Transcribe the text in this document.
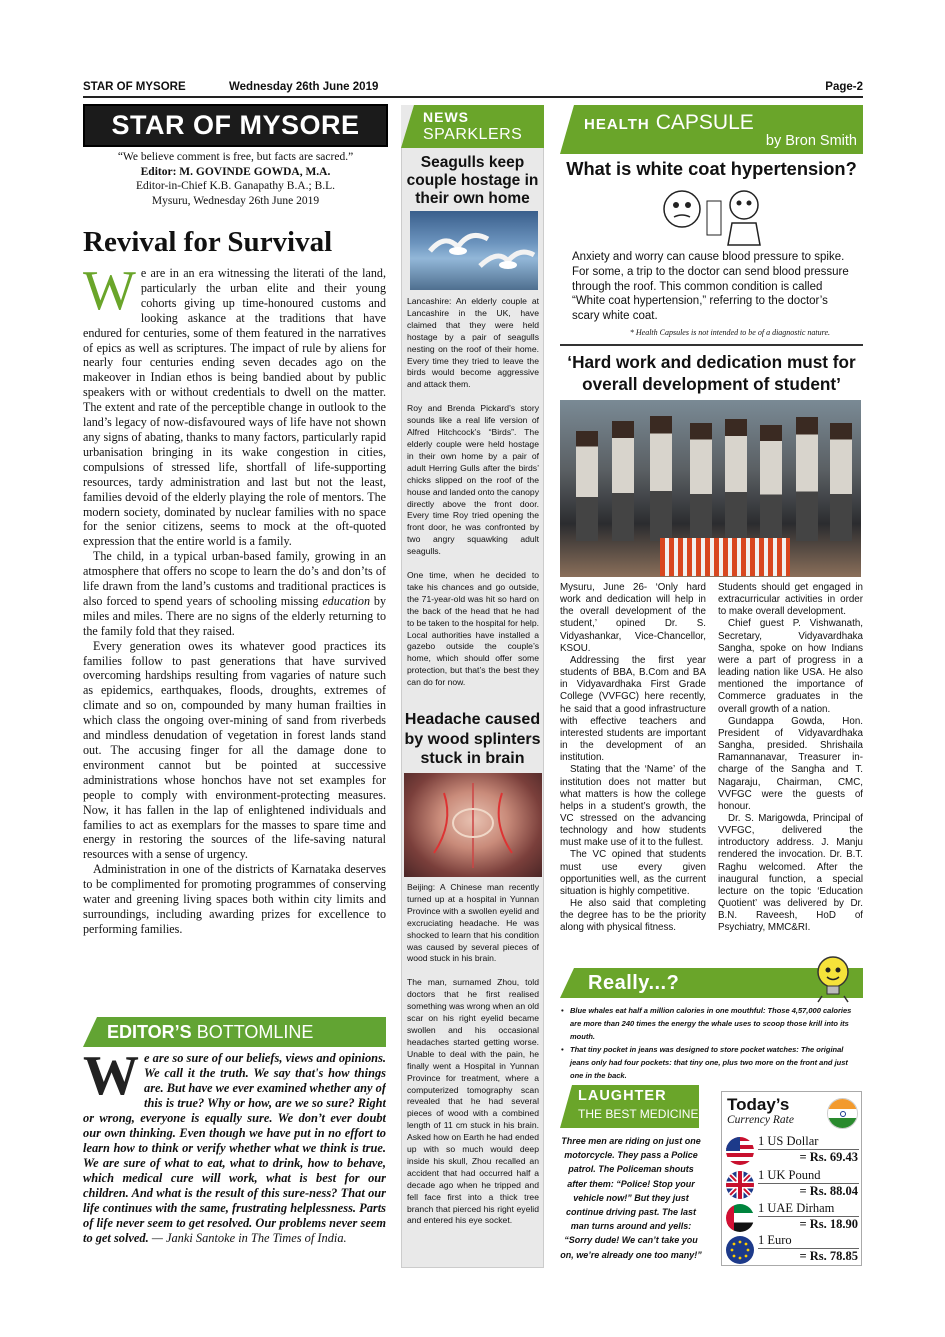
STAR OF MYSORE	Wednesday 26th June 2019	Page-2
STAR OF MYSORE
“We believe comment is free, but facts are sacred.”
Editor: M. GOVINDE GOWDA, M.A.
Editor-in-Chief K.B. Ganapathy B.A.; B.L.
Mysuru, Wednesday 26th June 2019
Revival for Survival

We are in an era witnessing the literati of the land, particularly the urban elite and their young cohorts giving up time-honoured customs and looking askance at the traditions that have endured for centuries, some of them featured in the narratives of epics as well as scriptures. The impact of rule by aliens for nearly four centuries ending seven decades ago on the makeover in Indian ethos is being bandied about by public speakers with or without credentials to dwell on the matter. The extent and rate of the perceptible change in outlook to the land’s legacy of now-disfavoured ways of life have not shown any signs of abating, thanks to many factors, particularly rapid urbanisation bringing in its wake congestion in cities, compulsions of stressed life, shortfall of life-supporting resources, tardy administration and last but not the least, families devoid of the elderly playing the role of mentors. The modern society, dominated by nuclear families with no space for the senior citizens, seems to mock at the oft-quoted expression that the entire world is a family.

The child, in a typical urban-based family, growing in an atmosphere that offers no scope to learn the do’s and don’ts of life drawn from the land’s customs and traditional practices is also forced to spend years of schooling missing education by miles and miles. There are no signs of the elderly returning to the family fold that they raised.

Every generation owes its whatever good practices its families follow to past generations that have survived overcoming hardships resulting from vagaries of nature such as epidemics, earthquakes, floods, droughts, extremes of climate and so on, compounded by many human frailties in which class the ongoing over-mining of sand from riverbeds and mindless denudation of vegetation in forest lands stand out. The accusing finger for all the damage done to environment cannot but be pointed at successive administrations whose honchos have not set examples for people to comply with environment-protecting measures. Now, it has fallen in the lap of enlightened individuals and families to act as exemplars for the masses to spare time and energy in restoring the sources of the life-saving natural resources with a sense of urgency.

Administration in one of the districts of Karnataka deserves to be complimented for promoting programmes of conserving water and greening living spaces both within city limits and surroundings, including awarding prizes for excellence to performing families.

EDITOR’S BOTTOMLINE
We are so sure of our beliefs, views and opinions. We call it the truth. We say that's how things are. But have we ever examined whether any of this is true? Why or how, are we so sure? Right or wrong, everyone is equally sure. We don’t ever doubt our own thinking. Even though we have put in no effort to learn how to think or verify whether what we think is true. We are sure of what to eat, what to drink, how to behave, which medical cure will work, what is best for our children. And what is the result of this sure-ness? That our life continues with the same, frustrating helplessness. Parts of life never seem to get resolved. Our problems never seem to get solved. — Janki Santoke in The Times of India.
NEWS
SPARKLERS
Seagulls keep couple hostage in their own home

Lancashire: An elderly couple at Lancashire in the UK, have claimed that they were held hostage by a pair of seagulls nesting on the roof of their home. Every time they tried to leave the birds would become aggressive and attack them.

Roy and Brenda Pickard’s story sounds like a real life version of Alfred Hitchcock’s “Birds”. The elderly couple were held hostage in their own home by a pair of adult Herring Gulls after the birds’ chicks slipped on the roof of the house and landed onto the canopy directly above the front door. Every time Roy tried opening the front door, he was confronted by two angry squawking adult seagulls.

One time, when he decided to take his chances and go outside, the 71-year-old was hit so hard on the back of the head that he had to be taken to the hospital for help. Local authorities have installed a gazebo outside the couple’s home, which should offer some protection, but that’s the best they can do for now.

Headache caused by wood splinters stuck in brain

Beijing: A Chinese man recently turned up at a hospital in Yunnan Province with a swollen eyelid and excruciating headache. He was shocked to learn that his condition was caused by several pieces of wood stuck in his brain.

The man, surnamed Zhou, told doctors that he first realised something was wrong when an old scar on his right eyelid became swollen and his occasional headaches started getting worse. Unable to deal with the pain, he finally went a Hospital in Yunnan Province for treatment, where a computerized tomography scan revealed that he had several pieces of wood with a combined length of 11 cm stuck in his brain. Asked how on Earth he had ended up with so much would deep inside his skull, Zhou recalled an accident that had occurred half a decade ago when he tripped and fell face first into a thick tree branch that pierced his right eyelid and entered his eye socket.

HEALTH CAPSULE
by Bron Smith
What is white coat hypertension?
Anxiety and worry can cause blood pressure to spike. For some, a trip to the doctor can send blood pressure through the roof. This common condition is called “White coat hypertension,” referring to the doctor’s scary white coat.
* Health Capsules is not intended to be of a diagnostic nature.
‘Hard work and dedication must for overall development of student’

Mysuru, June 26- ‘Only hard work and dedication will help in the overall development of the student,’ opined Dr. S. Vidyashankar, Vice-Chancellor, KSOU.

Addressing the first year students of BBA, B.Com and BA in Vidyavardhaka First Grade College (VVFGC) here recently, he said that a good infrastructure with effective teachers and interested students are important in the development of an institution.

Stating that the ‘Name’ of the institution does not matter but what matters is how the college helps in a student’s growth, the VC stressed on the advancing technology and how students must make use of it to the fullest.

The VC opined that students must use every given opportunities well, as the current situation is highly competitive.

He also said that completing the degree has to be the priority along with physical fitness.

Students should get engaged in extracurricular activities in order to make overall development.

Chief guest P. Vishwanath, Secretary, Vidyavardhaka Sangha, spoke on how Indians were a part of progress in a leading nation like USA. He also mentioned the importance of Commerce graduates in the overall growth of a nation.

Gundappa Gowda, Hon. President of Vidyavardhaka Sangha, presided. Shrishaila Ramannanavar, Treasurer in-charge of the Sangha and T. Nagaraju, Chairman, CMC, VVFGC were the guests of honour.

Dr. S. Marigowda, Principal of VVFGC, delivered the introductory address. J. Manju rendered the invocation. Dr. B.T. Raghu welcomed. After the inaugural function, a special lecture on the topic ‘Education Quotient’ was delivered by Dr. B.N. Raveesh, HoD of Psychiatry, MMC&RI.

Really...?
• Blue whales eat half a million calories in one mouthful: Those 4,57,000 calories are more than 240 times the energy the whale uses to scoop those krill into its mouth.
• That tiny pocket in jeans was designed to store pocket watches: The original jeans only had four pockets: that tiny one, plus two more on the front and just one in the back.
LAUGHTER
THE BEST MEDICINE
Three men are riding on just one motorcycle. They pass a Police patrol. The Policeman shouts after them: “Police! Stop your vehicle now!” But they just continue driving past. The last man turns around and yells: “Sorry dude! We can’t take you on, we’re already one too many!”
Today’s
Currency Rate
1 US Dollar
= Rs. 69.43
1 UK Pound
= Rs. 88.04
1 UAE Dirham
= Rs. 18.90
1 Euro
= Rs. 78.85
